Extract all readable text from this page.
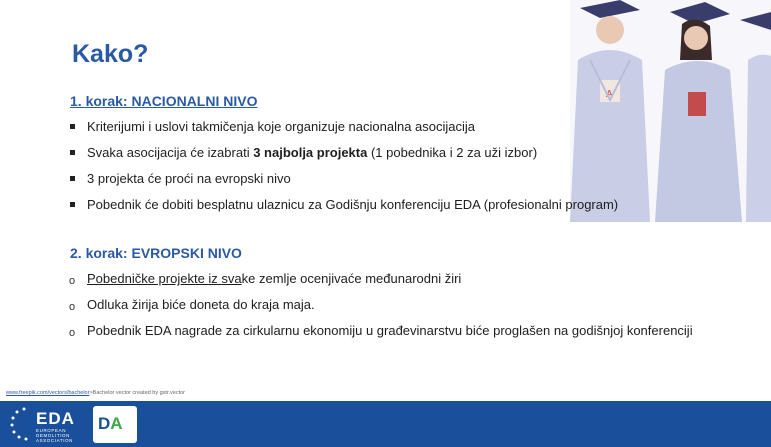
A
Kako?
1. korak: NACIONALNI NIVO
Kriterijumi i uslovi takmičenja koje organizuje nacionalna asocijacija
Svaka asocijacija će izabrati 3 najbolja projekta (1 pobednika i 2 za uži izbor)
3 projekta će proći na evropski nivo
Pobednik će dobiti besplatnu ulaznicu za Godišnju konferenciju EDA (profesionalni program)
2. korak: EVROPSKI NIVO
o Pobedničke projekte iz svake zemlje ocenjivaće međunarodni žiri
o Odluka žirija biće doneta do kraja maja.
o Pobednik EDA nagrade za cirkularnu ekonomiju u građevinarstvu biće proglašen na godišnjoj konferenciji
www.freepik.com/vectors/bachelor>Bachelor vector created by gstr.vector
EDA
EUROPEAN DEMOLITION ASSOCIATION
DA
